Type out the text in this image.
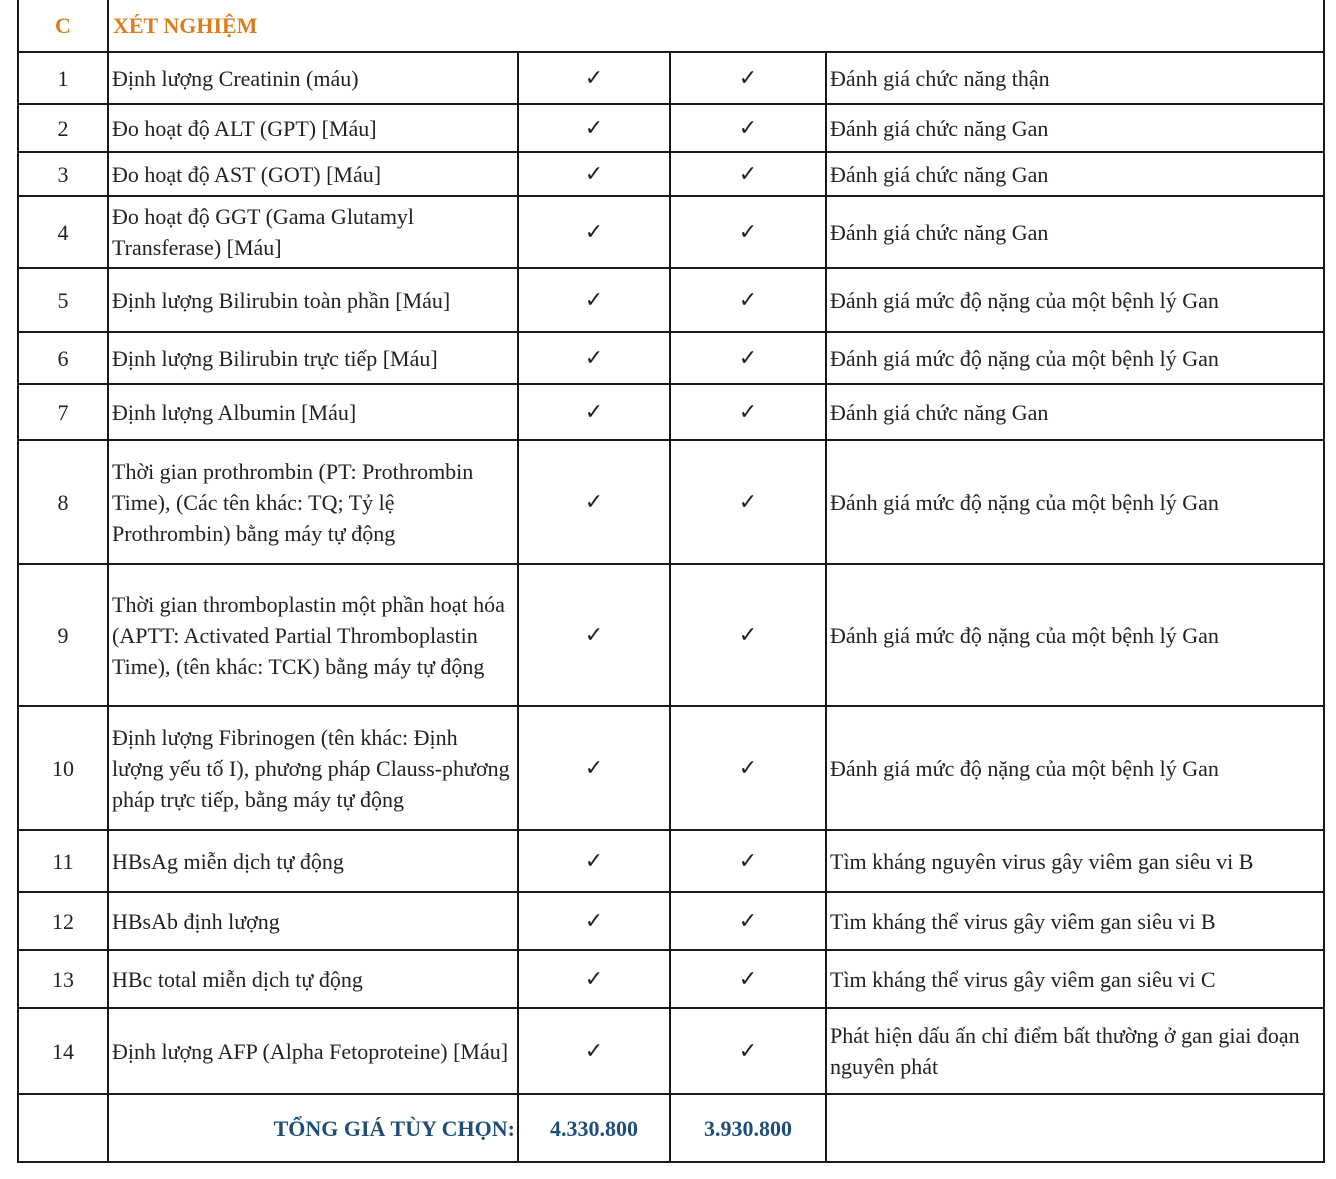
C	XÉT NGHIỆM			
1	Định lượng Creatinin (máu)	✓	✓	Đánh giá chức năng thận
2	Đo hoạt độ ALT (GPT) [Máu]	✓	✓	Đánh giá chức năng Gan
3	Đo hoạt độ AST (GOT) [Máu]	✓	✓	Đánh giá chức năng Gan
4	Đo hoạt độ GGT (Gama Glutamyl Transferase) [Máu]	✓	✓	Đánh giá chức năng Gan
5	Định lượng Bilirubin toàn phần [Máu]	✓	✓	Đánh giá mức độ nặng của một bệnh lý Gan
6	Định lượng Bilirubin trực tiếp [Máu]	✓	✓	Đánh giá mức độ nặng của một bệnh lý Gan
7	Định lượng Albumin [Máu]	✓	✓	Đánh giá chức năng Gan
8	Thời gian prothrombin (PT: Prothrombin Time), (Các tên khác: TQ; Tỷ lệ Prothrombin) bằng máy tự động	✓	✓	Đánh giá mức độ nặng của một bệnh lý Gan
9	Thời gian thromboplastin một phần hoạt hóa (APTT: Activated Partial Thromboplastin Time), (tên khác: TCK) bằng máy tự động	✓	✓	Đánh giá mức độ nặng của một bệnh lý Gan
10	Định lượng Fibrinogen (tên khác: Định lượng yếu tố I), phương pháp Clauss-phương pháp trực tiếp, bằng máy tự động	✓	✓	Đánh giá mức độ nặng của một bệnh lý Gan
11	HBsAg miễn dịch tự động	✓	✓	Tìm kháng nguyên virus gây viêm gan siêu vi B
12	HBsAb định lượng	✓	✓	Tìm kháng thể virus gây viêm gan siêu vi B
13	HBc total miễn dịch tự động	✓	✓	Tìm kháng thể virus gây viêm gan siêu vi C
14	Định lượng AFP (Alpha Fetoproteine) [Máu]	✓	✓	Phát hiện dấu ấn chỉ điểm bất thường ở gan giai đoạn nguyên phát
	TỔNG GIÁ TÙY CHỌN:	4.330.800	3.930.800	
